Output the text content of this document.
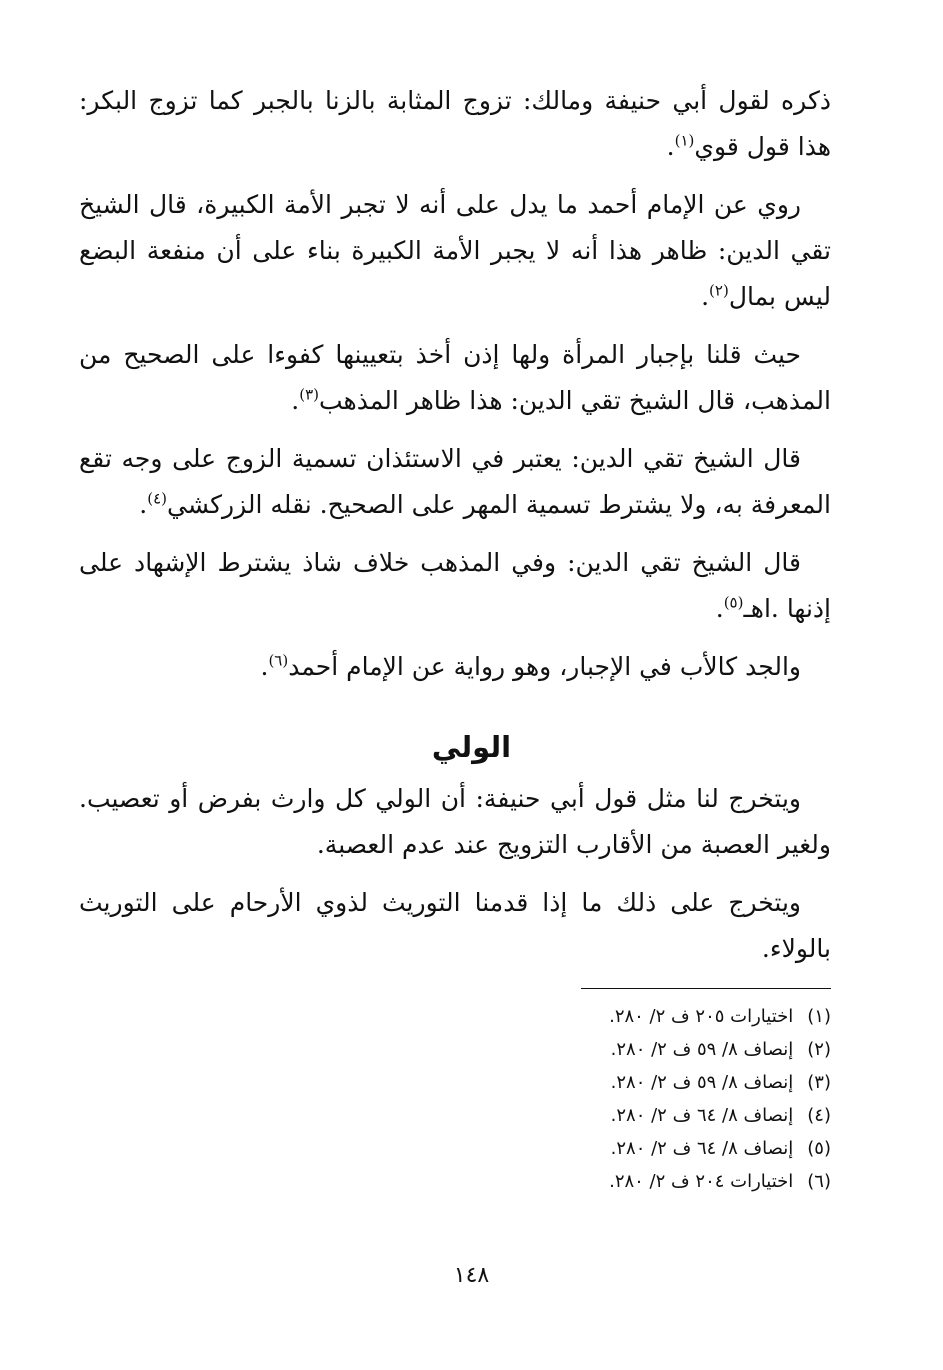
ذكره لقول أبي حنيفة ومالك: تزوج المثابة بالزنا بالجبر كما تزوج البكر: هذا قول قوي$^{(١)}$.

روي عن الإمام أحمد ما يدل على أنه لا تجبر الأمة الكبيرة، قال الشيخ تقي الدين: ظاهر هذا أنه لا يجبر الأمة الكبيرة بناء على أن منفعة البضع ليس بمال$^{(٢)}$.

حيث قلنا بإجبار المرأة ولها إذن أخذ بتعيينها كفوءا على الصحيح من المذهب، قال الشيخ تقي الدين: هذا ظاهر المذهب$^{(٣)}$.

قال الشيخ تقي الدين: يعتبر في الاستئذان تسمية الزوج على وجه تقع المعرفة به، ولا يشترط تسمية المهر على الصحيح. نقله الزركشي$^{(٤)}$.

قال الشيخ تقي الدين: وفي المذهب خلاف شاذ يشترط الإشهاد على إذنها .اهـ$^{(٥)}$.

والجد كالأب في الإجبار، وهو رواية عن الإمام أحمد$^{(٦)}$.

الولي

ويتخرج لنا مثل قول أبي حنيفة: أن الولي كل وارث بفرض أو تعصيب. ولغير العصبة من الأقارب التزويج عند عدم العصبة.

ويتخرج على ذلك ما إذا قدمنا التوريث لذوي الأرحام على التوريث بالولاء.

(١)اختيارات ٢٠٥ ف ٢/ ٢٨٠.
(٢)إنصاف ٨/ ٥٩ ف ٢/ ٢٨٠.
(٣)إنصاف ٨/ ٥٩ ف ٢/ ٢٨٠.
(٤)إنصاف ٨/ ٦٤ ف ٢/ ٢٨٠.
(٥)إنصاف ٨/ ٦٤ ف ٢/ ٢٨٠.
(٦)اختيارات ٢٠٤ ف ٢/ ٢٨٠.
١٤٨
